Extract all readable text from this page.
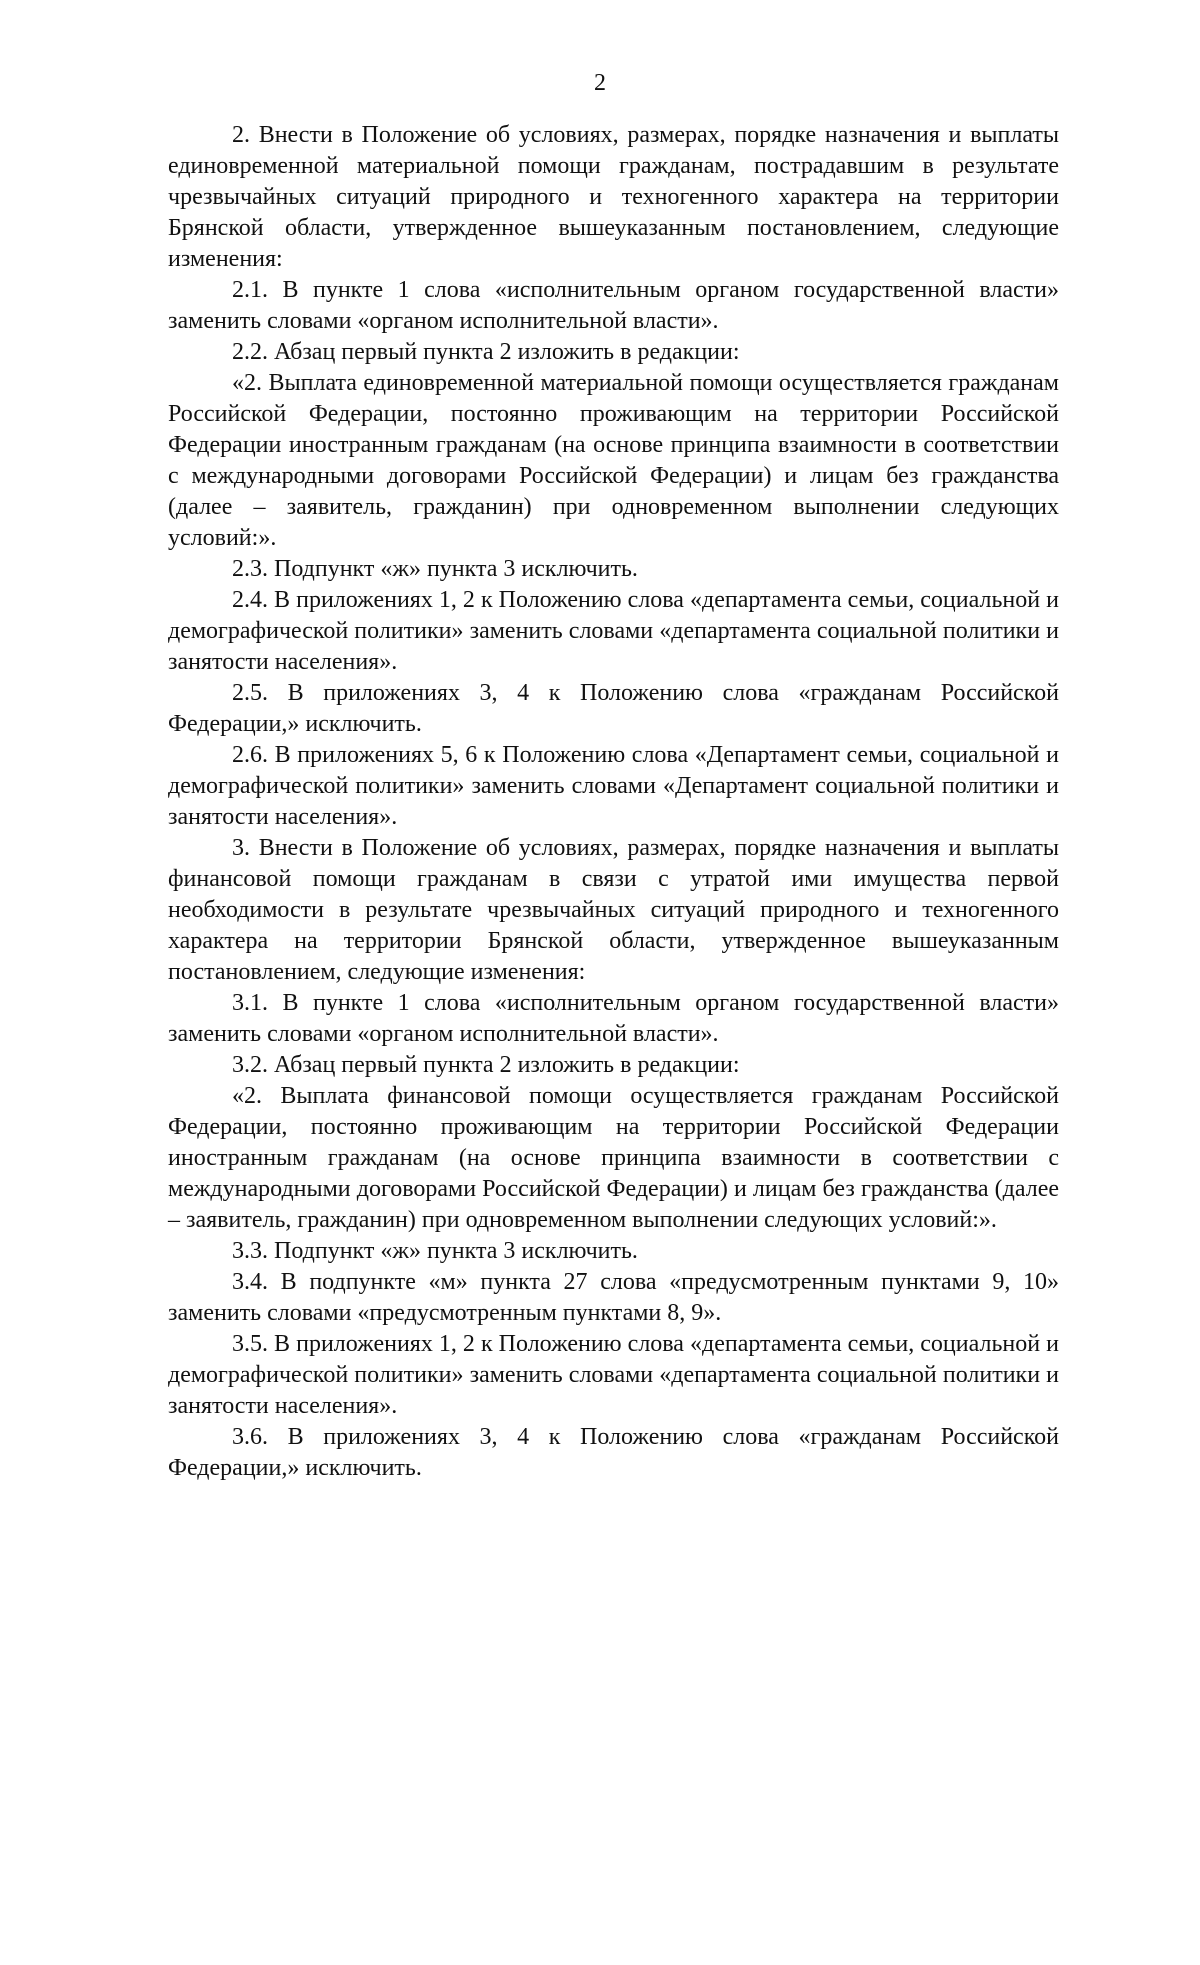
2

2. Внести в Положение об условиях, размерах, порядке назначения и выплаты единовременной материальной помощи гражданам, пострадавшим в результате чрезвычайных ситуаций природного и техногенного характера на территории Брянской области, утвержденное вышеуказанным постановлением, следующие изменения:

2.1. В пункте 1 слова «исполнительным органом государственной власти» заменить словами «органом исполнительной власти».

2.2. Абзац первый пункта 2 изложить в редакции:

«2. Выплата единовременной материальной помощи осуществляется гражданам Российской Федерации, постоянно проживающим на территории Российской Федерации иностранным гражданам (на основе принципа взаимности в соответствии с международными договорами Российской Федерации) и лицам без гражданства (далее – заявитель, гражданин) при одновременном выполнении следующих условий:».

2.3. Подпункт «ж» пункта 3 исключить.

2.4. В приложениях 1, 2 к Положению слова «департамента семьи, социальной и демографической политики» заменить словами «департамента социальной политики и занятости населения».

2.5. В приложениях 3, 4 к Положению слова «гражданам Российской Федерации,» исключить.

2.6. В приложениях 5, 6 к Положению слова «Департамент семьи, социальной и демографической политики» заменить словами «Департамент социальной политики и занятости населения».

3. Внести в Положение об условиях, размерах, порядке назначения и выплаты финансовой помощи гражданам в связи с утратой ими имущества первой необходимости в результате чрезвычайных ситуаций природного и техногенного характера на территории Брянской области, утвержденное вышеуказанным постановлением, следующие изменения:

3.1. В пункте 1 слова «исполнительным органом государственной власти» заменить словами «органом исполнительной власти».

3.2. Абзац первый пункта 2 изложить в редакции:

«2. Выплата финансовой помощи осуществляется гражданам Российской Федерации, постоянно проживающим на территории Российской Федерации иностранным гражданам (на основе принципа взаимности в соответствии с международными договорами Российской Федерации) и лицам без гражданства (далее – заявитель, гражданин) при одновременном выполнении следующих условий:».

3.3. Подпункт «ж» пункта 3 исключить.

3.4. В подпункте «м» пункта 27 слова «предусмотренным пунктами 9, 10» заменить словами «предусмотренным пунктами 8, 9».

3.5. В приложениях 1, 2 к Положению слова «департамента семьи, социальной и демографической политики» заменить словами «департамента социальной политики и занятости населения».

3.6. В приложениях 3, 4 к Положению слова «гражданам Российской Федерации,» исключить.
